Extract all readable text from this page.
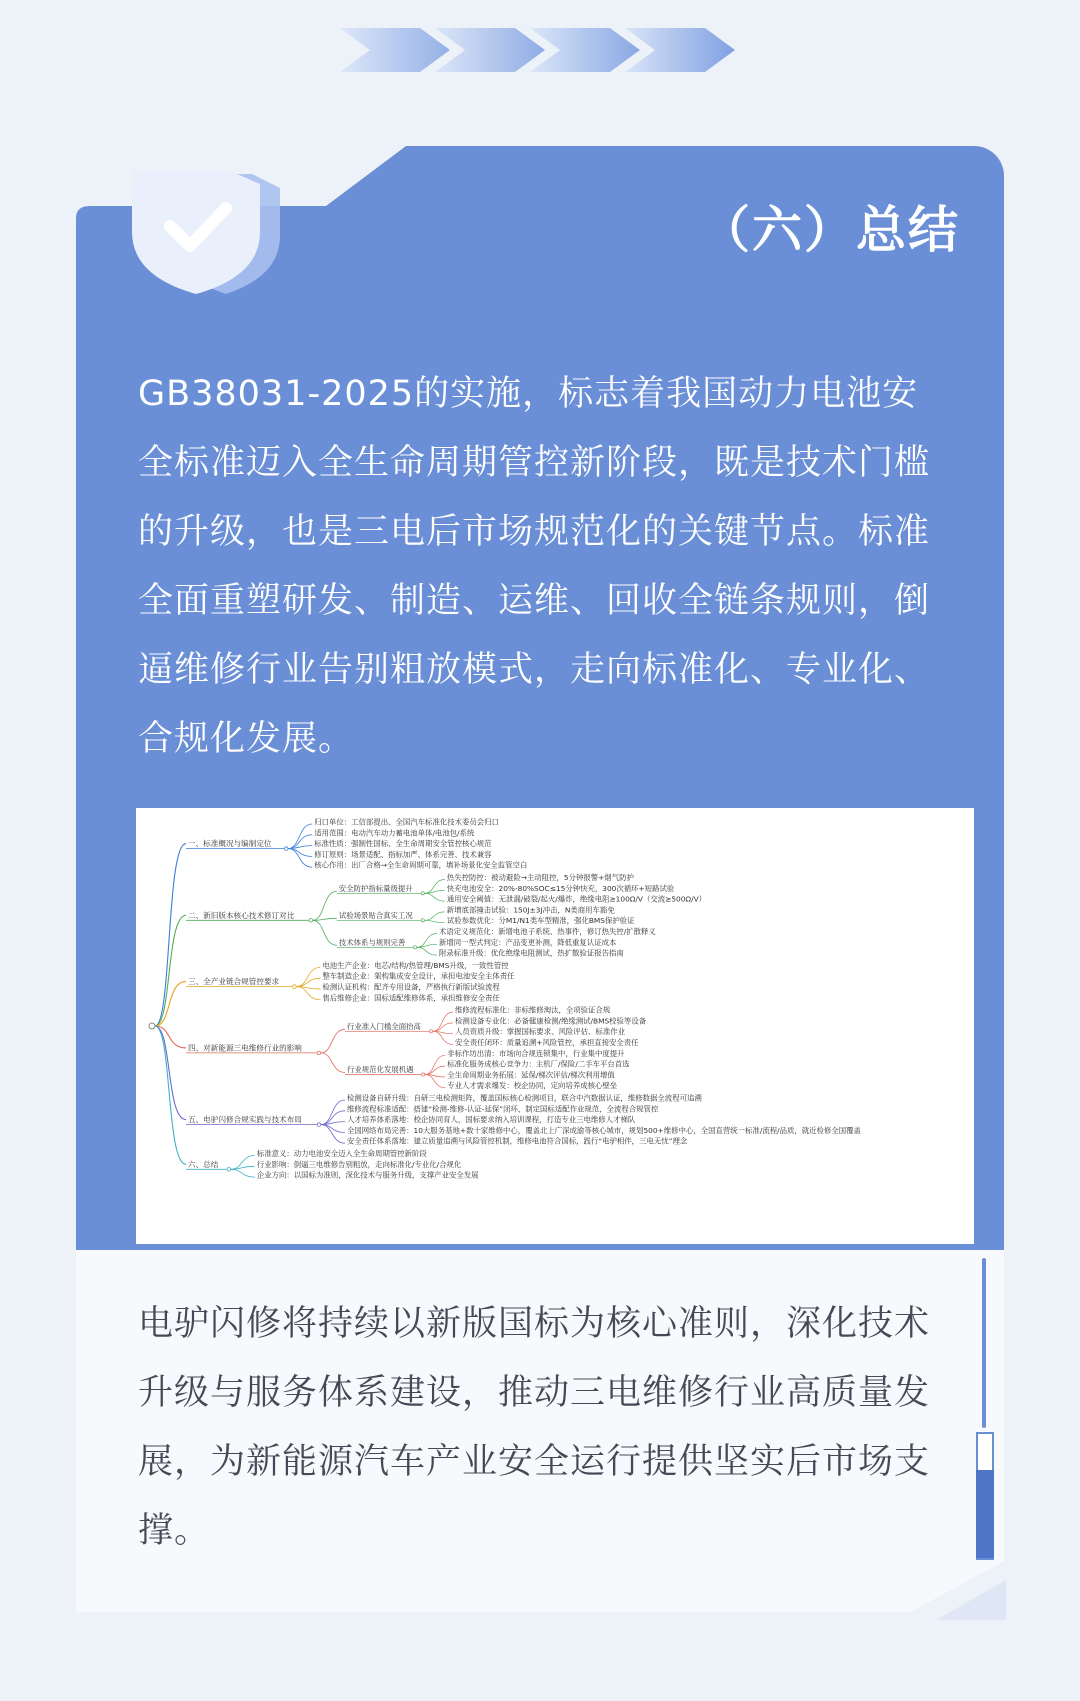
（六）总结

GB38031-2025的实施，标志着我国动力电池安全标准迈入全生命周期管控新阶段，既是技术门槛的升级，也是三电后市场规范化的关键节点。标准全面重塑研发、制造、运维、回收全链条规则，倒逼维修行业告别粗放模式，走向标准化、专业化、合规化发展。

一、标准概况与编制定位
归口单位：工信部提出、全国汽车标准化技术委员会归口
适用范围：电动汽车动力蓄电池单体/电池包/系统
标准性质：强制性国标、全生命周期安全管控核心规范
修订原则：场景适配、指标加严、体系完善、技术兼容
核心作用：出厂合格→全生命周期可靠，填补场景化安全监管空白
二、新旧版本核心技术修订对比
安全防护指标量级提升
热失控防控：被动避险→主动阻控，5分钟报警+烟气防护
快充电池安全：20%-80%SOC≤15分钟快充，300次循环+短路试验
通用安全阈值：无泄漏/破裂/起火/爆炸，绝缘电阻≥100Ω/V（交流≥500Ω/V）
试验场景贴合真实工况
新增底部撞击试验：150J±3J冲击，N类商用车豁免
试验参数优化：分M1/N1类车型精准，强化BMS保护验证
技术体系与规则完善
术语定义规范化：新增电池子系统、热事件，修订热失控/扩散释义
新增同一型式判定：产品变更补测，降低重复认证成本
附录标准升级：优化绝缘电阻测试，热扩散验证报告指南
三、全产业链合规管控要求
电池生产企业：电芯/结构/热管理/BMS升级，一致性管控
整车制造企业：架构集成安全设计，承担电池安全主体责任
检测认证机构：配齐专用设备，严格执行新版试验流程
售后维修企业：国标适配维修体系，承担维修安全责任
四、对新能源三电维修行业的影响
行业准入门槛全面抬高
维修流程标准化：非标维修淘汰，全项验证合规
检测设备专业化：必备健康检测/绝缘测试/BMS校验等设备
人员资质升级：掌握国标要求、风险评估、标准作业
安全责任闭环：质量追溯+风险管控，承担直接安全责任
行业规范化发展机遇
非标作坊出清：市场向合规连锁集中，行业集中度提升
标准化服务成核心竞争力：主机厂/保险/二手车平台首选
全生命周期业务拓展：延保/梯次评估/梯次利用增值
专业人才需求爆发：校企协同，定向培养成核心壁垒
五、电驴闪修合规实践与技术布局
检测设备自研升级：自研三电检测矩阵，覆盖国标核心检测项目，联合中汽数据认证，维修数据全流程可追溯
维修流程标准适配：搭建“检测-维修-认证-延保”闭环，制定国标适配作业规范，全流程合规管控
人才培养体系落地：校企协同育人，国标要求纳入培训课程，打造专业三电维修人才梯队
全国网络布局完善：10大服务基地+数十家维修中心，覆盖北上广深成渝等核心城市，规划500+维修中心，全国直营统一标准/流程/品质，就近检修全国覆盖
安全责任体系落地：建立质量追溯与风险管控机制，维修电池符合国标，践行“电驴相伴，三电无忧”理念
六、总结
标准意义：动力电池安全迈入全生命周期管控新阶段
行业影响：倒逼三电维修告别粗放，走向标准化/专业化/合规化
企业方向：以国标为准则，深化技术与服务升级，支撑产业安全发展

电驴闪修将持续以新版国标为核心准则，深化技术升级与服务体系建设，推动三电维修行业高质量发展，为新能源汽车产业安全运行提供坚实后市场支撑。
